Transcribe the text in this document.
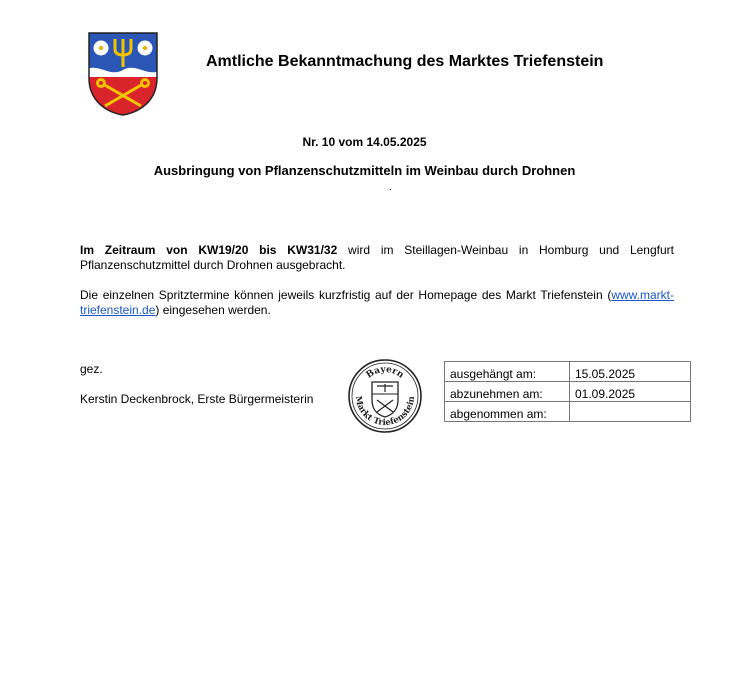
Amtliche Bekanntmachung des Marktes Triefenstein
Nr. 10 vom 14.05.2025
Ausbringung von Pflanzenschutzmitteln im Weinbau durch Drohnen
.
Im Zeitraum von KW19/20 bis KW31/32 wird im Steillagen-Weinbau in Homburg und Lengfurt Pflanzenschutzmittel durch Drohnen ausgebracht.
Die einzelnen Spritztermine können jeweils kurzfristig auf der Homepage des Markt Triefenstein (www.markt-triefenstein.de) eingesehen werden.
gez.
Kerstin Deckenbrock, Erste Bürgermeisterin
Bayern
Markt Triefenstein
ausgehängt am:	15.05.2025
abzunehmen am:	01.09.2025
abgenommen am:	
